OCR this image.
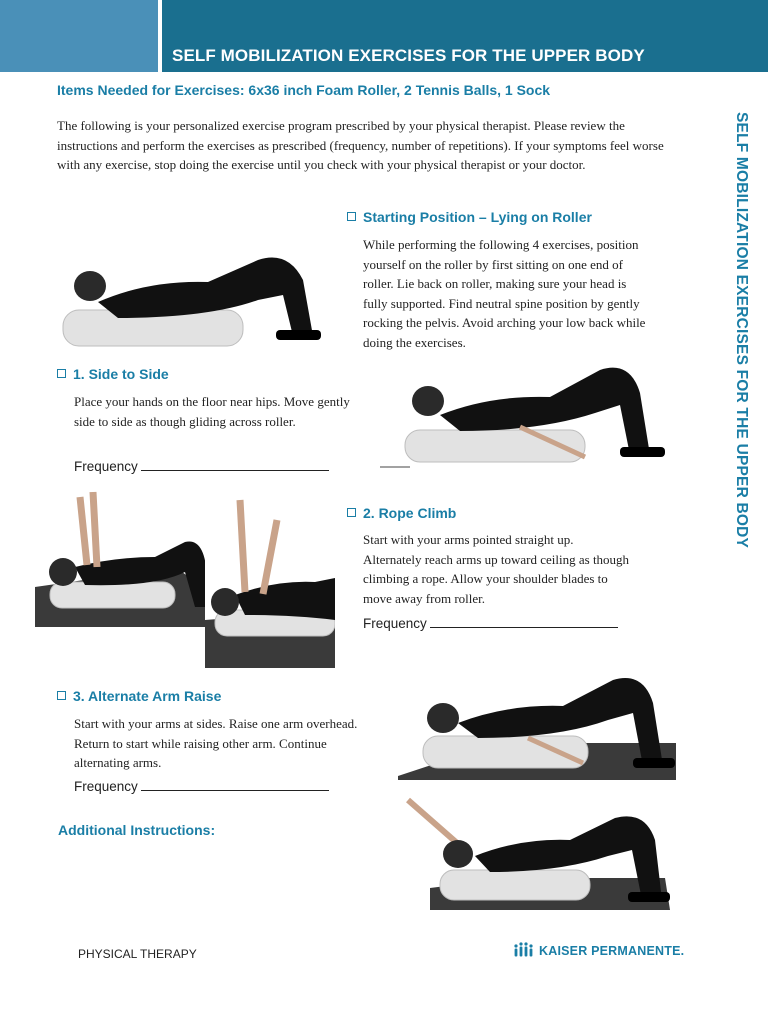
SELF MOBILIZATION EXERCISES FOR THE UPPER BODY
Items Needed for Exercises: 6x36 inch Foam Roller, 2 Tennis Balls, 1 Sock
SELF MOBILIZATION EXERCISES FOR THE UPPER BODY

The following is your personalized exercise program prescribed by your physical therapist. Please review the instructions and perform the exercises as prescribed (frequency, number of repetitions). If your symptoms feel worse with any exercise, stop doing the exercise until you check with your physical therapist or your doctor.

Starting Position – Lying on Roller

While performing the following 4 exercises, position yourself on the roller by first sitting on one end of roller. Lie back on roller, making sure your head is fully supported. Find neutral spine position by gently rocking the pelvis. Avoid arching your low back while doing the exercises.

1. Side to Side

Place your hands on the floor near hips. Move gently side to side as though gliding across roller.

Frequency
2. Rope Climb

Start with your arms pointed straight up. Alternately reach arms up toward ceiling as though climbing a rope. Allow your shoulder blades to move away from roller.

Frequency
3. Alternate Arm Raise

Start with your arms at sides. Raise one arm overhead. Return to start while raising other arm. Continue alternating arms.

Frequency
Additional Instructions:
PHYSICAL THERAPY	KAISER PERMANENTE.
